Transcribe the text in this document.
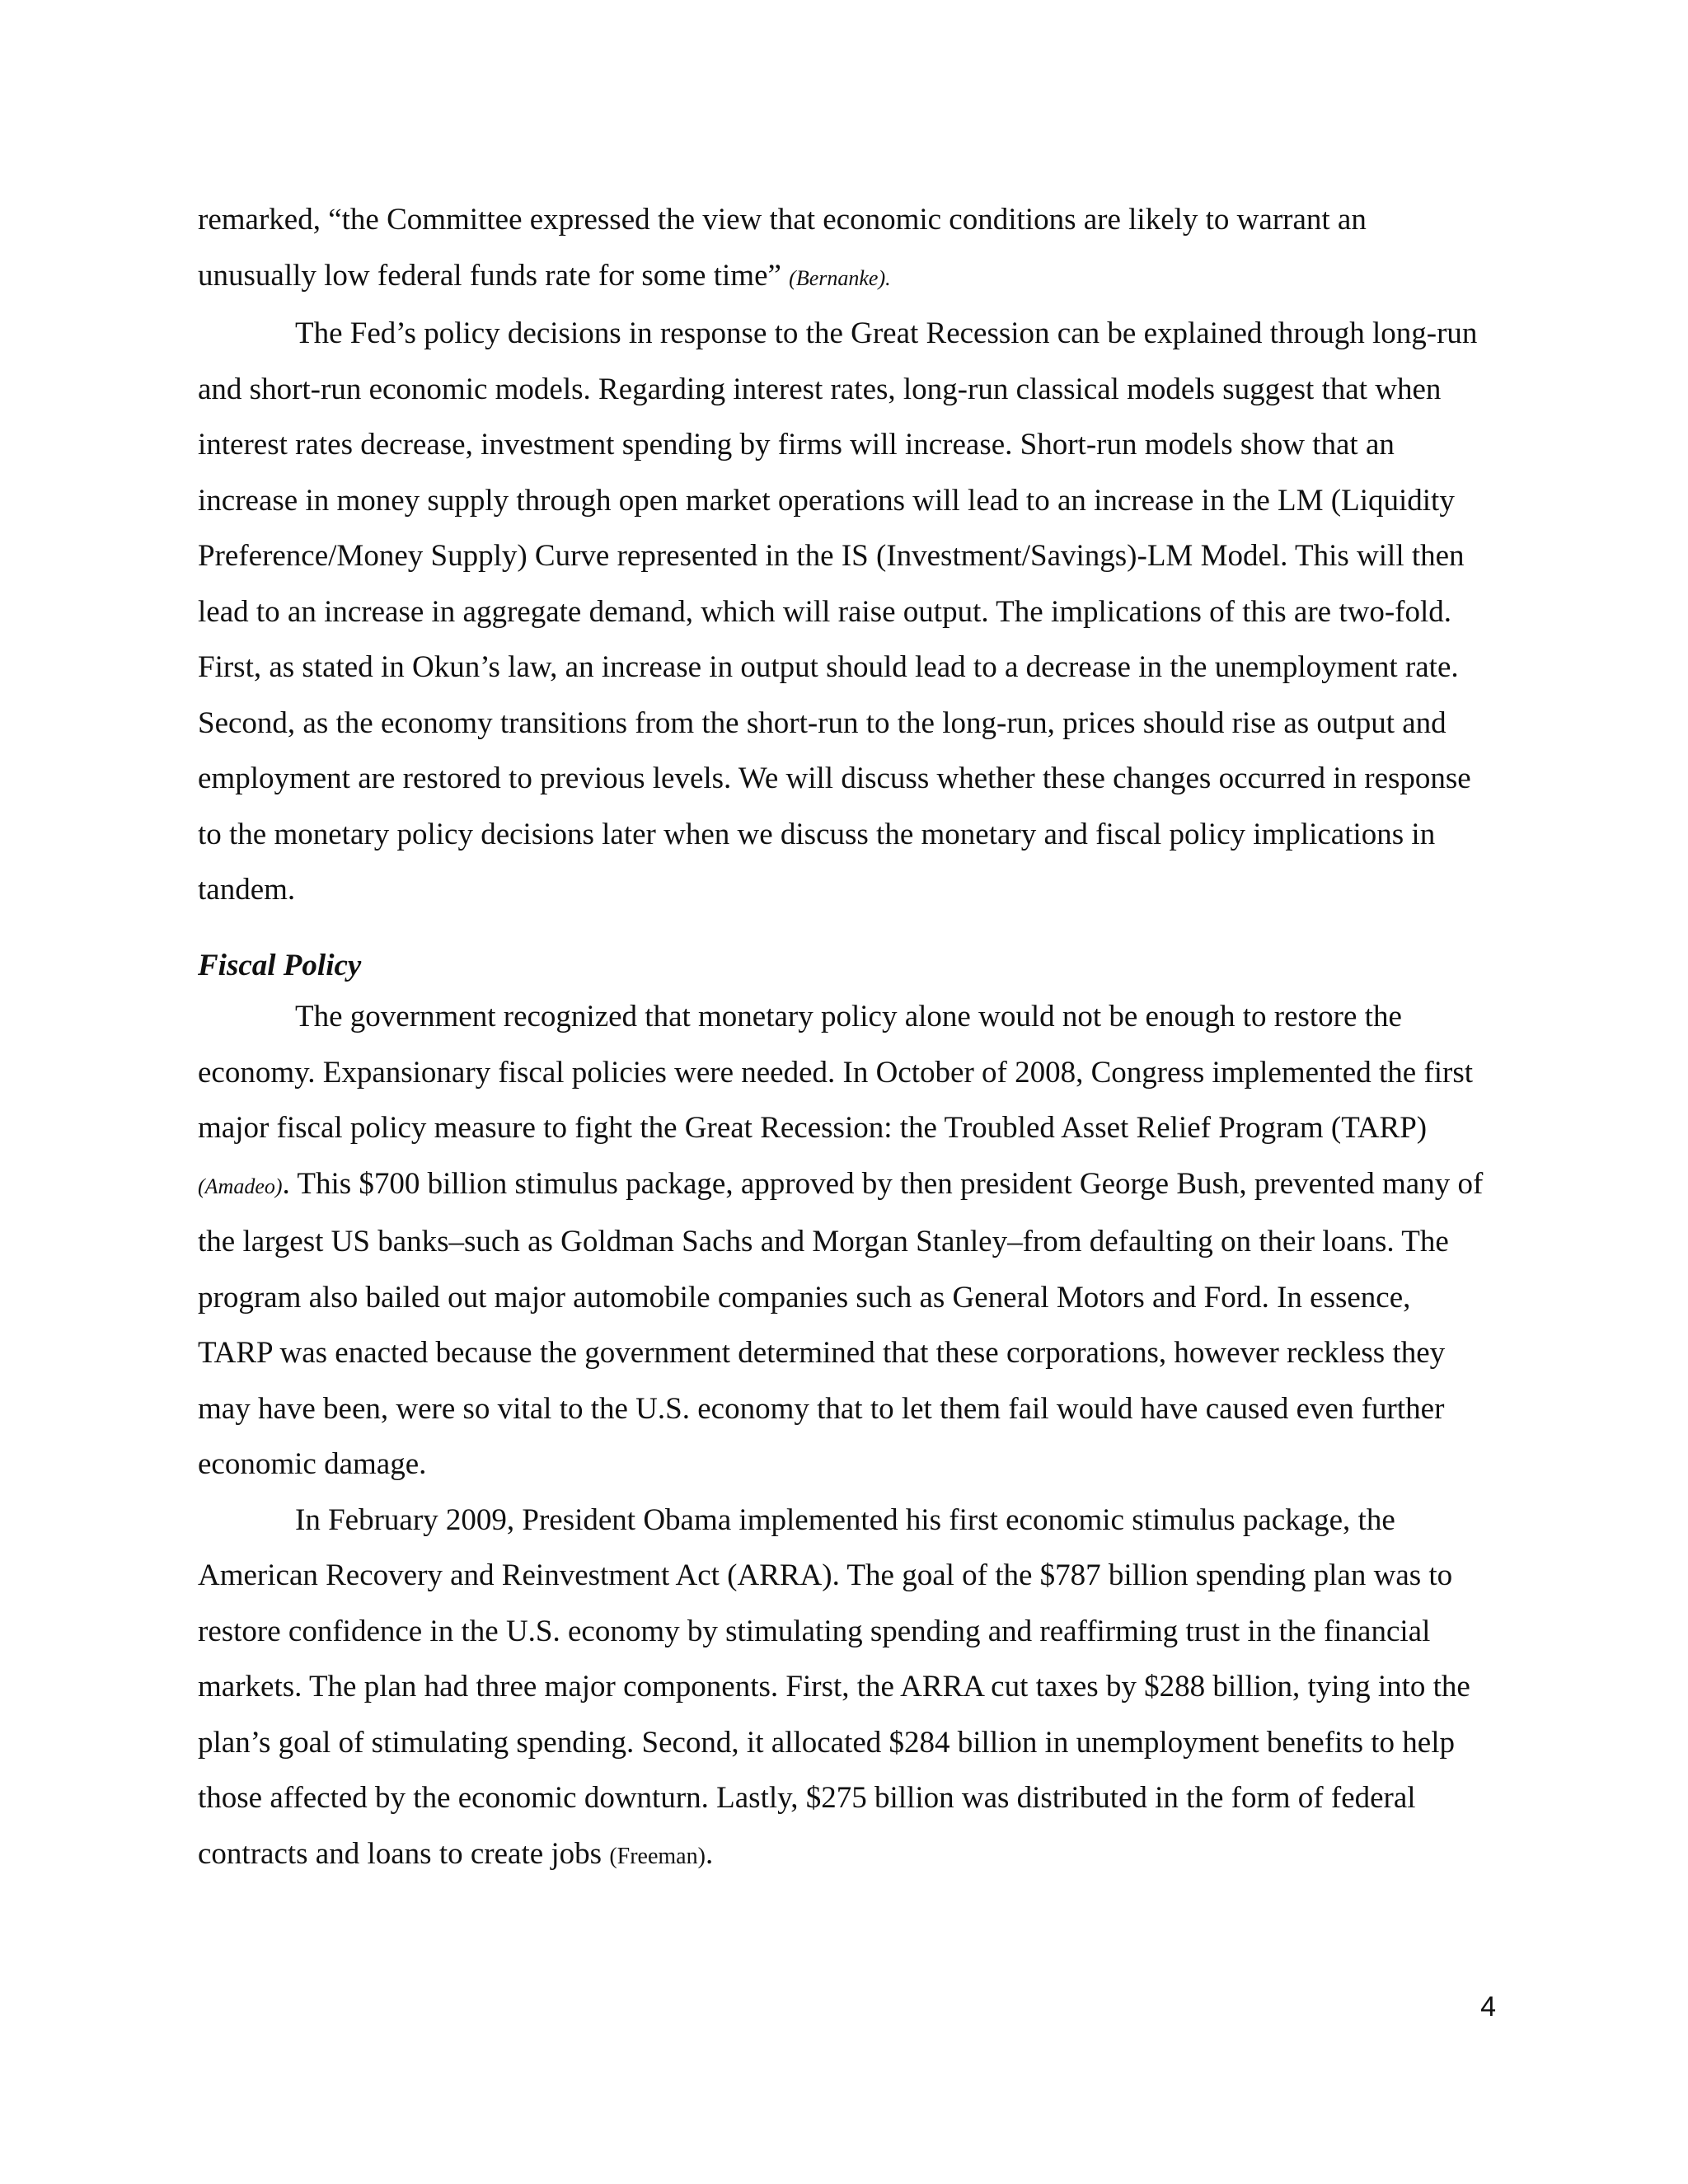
remarked, “the Committee expressed the view that economic conditions are likely to warrant an unusually low federal funds rate for some time” (Bernanke).

The Fed’s policy decisions in response to the Great Recession can be explained through long-run and short-run economic models. Regarding interest rates, long-run classical models suggest that when interest rates decrease, investment spending by firms will increase. Short-run models show that an increase in money supply through open market operations will lead to an increase in the LM (Liquidity Preference/Money Supply) Curve represented in the IS (Investment/Savings)-LM Model. This will then lead to an increase in aggregate demand, which will raise output. The implications of this are two-fold. First, as stated in Okun’s law, an increase in output should lead to a decrease in the unemployment rate. Second, as the economy transitions from the short-run to the long-run, prices should rise as output and employment are restored to previous levels. We will discuss whether these changes occurred in response to the monetary policy decisions later when we discuss the monetary and fiscal policy implications in tandem.

Fiscal Policy

The government recognized that monetary policy alone would not be enough to restore the economy. Expansionary fiscal policies were needed. In October of 2008, Congress implemented the first major fiscal policy measure to fight the Great Recession: the Troubled Asset Relief Program (TARP) (Amadeo). This $700 billion stimulus package, approved by then president George Bush, prevented many of the largest US banks–such as Goldman Sachs and Morgan Stanley–from defaulting on their loans. The program also bailed out major automobile companies such as General Motors and Ford. In essence, TARP was enacted because the government determined that these corporations, however reckless they may have been, were so vital to the U.S. economy that to let them fail would have caused even further economic damage.

In February 2009, President Obama implemented his first economic stimulus package, the American Recovery and Reinvestment Act (ARRA). The goal of the $787 billion spending plan was to restore confidence in the U.S. economy by stimulating spending and reaffirming trust in the financial markets. The plan had three major components. First, the ARRA cut taxes by $288 billion, tying into the plan’s goal of stimulating spending. Second, it allocated $284 billion in unemployment benefits to help those affected by the economic downturn. Lastly, $275 billion was distributed in the form of federal contracts and loans to create jobs (Freeman).

4
